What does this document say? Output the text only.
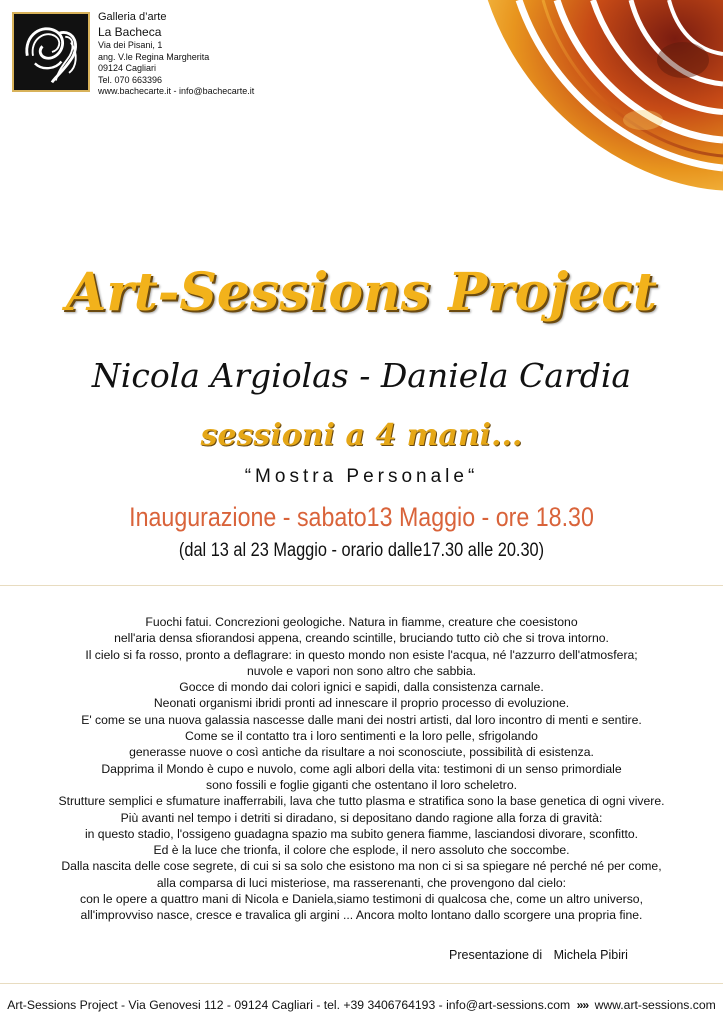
Galleria d’arte
La Bacheca
Via dei Pisani, 1
ang. V.le Regina Margherita
09124 Cagliari
Tel. 070 663396
www.bachecarte.it - info@bachecarte.it
Art-Sessions Project
Nicola Argiolas - Daniela Cardia
sessioni a 4 mani...
“Mostra Personale“
Inaugurazione - sabato13 Maggio - ore 18.30
(dal 13 al 23 Maggio - orario dalle17.30 alle 20.30)
Fuochi fatui. Concrezioni geologiche. Natura in fiamme, creature che coesistono
nell'aria densa sfiorandosi appena, creando scintille, bruciando tutto ciò che si trova intorno.
Il cielo si fa rosso, pronto a deflagrare: in questo mondo non esiste l'acqua, né l'azzurro dell'atmosfera;
nuvole e vapori non sono altro che sabbia.
Gocce di mondo dai colori ignici e sapidi, dalla consistenza carnale.
Neonati organismi ibridi pronti ad innescare il proprio processo di evoluzione.
E' come se una nuova galassia nascesse dalle mani dei nostri artisti, dal loro incontro di menti e sentire.
Come se il contatto tra i loro sentimenti e la loro pelle, sfrigolando
generasse nuove o così antiche da risultare a noi sconosciute, possibilità di esistenza.
Dapprima il Mondo è cupo e nuvolo, come agli albori della vita: testimoni di un senso primordiale
sono fossili e foglie giganti che ostentano il loro scheletro.
Strutture semplici e sfumature inafferrabili, lava che tutto plasma e stratifica sono la base genetica di ogni vivere.
Più avanti nel tempo i detriti si diradano, si depositano dando ragione alla forza di gravità:
in questo stadio, l'ossigeno guadagna spazio ma subito genera fiamme, lasciandosi divorare, sconfitto.
Ed è la luce che trionfa, il colore che esplode, il nero assoluto che soccombe.
Dalla nascita delle cose segrete, di cui si sa solo che esistono ma non ci si sa spiegare né perché né per come,
alla comparsa di luci misteriose, ma rasserenanti, che provengono dal cielo:
con le opere a quattro mani di Nicola e Daniela,siamo testimoni di qualcosa che, come un altro universo,
all'improvviso nasce, cresce e travalica gli argini ... Ancora molto lontano dallo scorgere una propria fine.
Presentazione di Michela Pibiri
Art-Sessions Project - Via Genovesi 112 - 09124 Cagliari - tel. +39 3406764193 - info@art-sessions.com »» www.art-sessions.com
